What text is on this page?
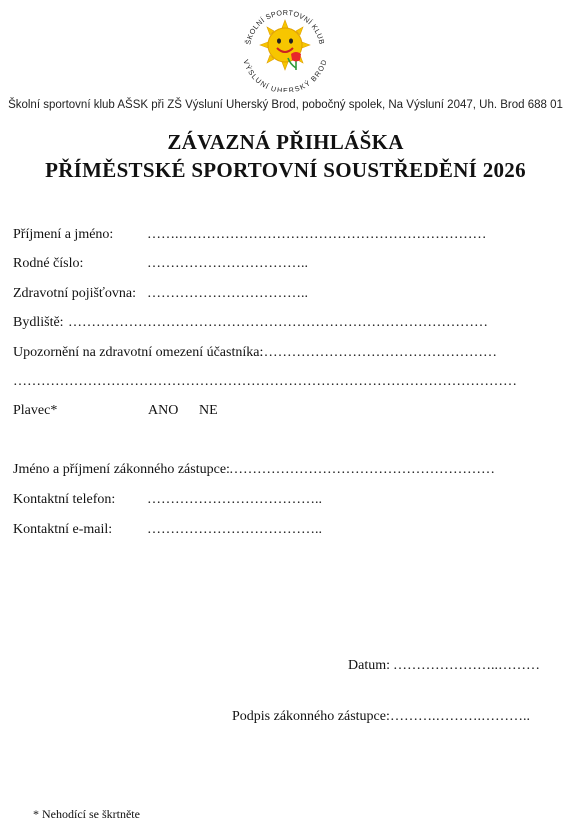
ŠKOLNÍ SPORTOVNÍ KLUB
VÝSLUNÍ UHERSKÝ BROD
Školní sportovní klub AŠSK při ZŠ Výsluní Uherský Brod, pobočný spolek, Na Výsluní 2047, Uh. Brod 688 01
ZÁVAZNÁ PŘIHLÁŠKA
PŘÍMĚSTSKÉ SPORTOVNÍ SOUSTŘEDĚNÍ 2026
Příjmení a jméno: …….…………………………………………………………
Rodné číslo:	……………………………..
Zdravotní pojišťovna: ……………………………..
Bydliště: ………………………………………………………………………………
Upozornění na zdravotní omezení účastníka:
……………………………………………
………………………………………………………………………………………………
Plavec*	ANO NE
Jméno a příjmení zákonného zástupce: …………………………………………………
Kontaktní telefon: ………………………………..
Kontaktní e-mail: ………………………………..
Datum: …………………..………
Podpis zákonného zástupce: ……….……….………..
* Nehodící se škrtněte
